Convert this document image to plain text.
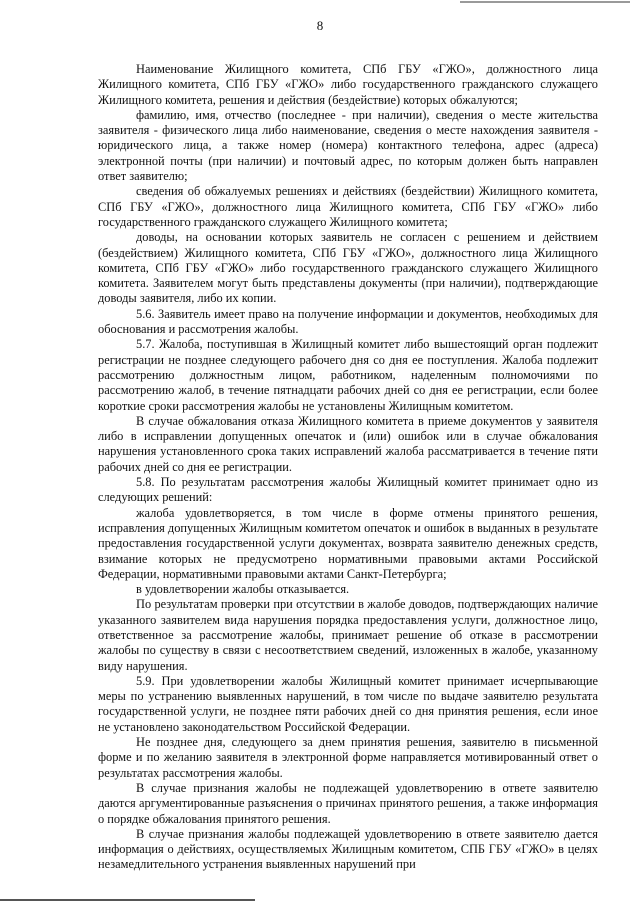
8

Наименование Жилищного комитета, СПб ГБУ «ГЖО», должностного лица Жилищного комитета, СПб ГБУ «ГЖО» либо государственного гражданского служащего Жилищного комитета, решения и действия (бездействие) которых обжалуются;

фамилию, имя, отчество (последнее - при наличии), сведения о месте жительства заявителя - физического лица либо наименование, сведения о месте нахождения заявителя - юридического лица, а также номер (номера) контактного телефона, адрес (адреса) электронной почты (при наличии) и почтовый адрес, по которым должен быть направлен ответ заявителю;

сведения об обжалуемых решениях и действиях (бездействии) Жилищного комитета, СПб ГБУ «ГЖО», должностного лица Жилищного комитета, СПб ГБУ «ГЖО» либо государственного гражданского служащего Жилищного комитета;

доводы, на основании которых заявитель не согласен с решением и действием (бездействием) Жилищного комитета, СПб ГБУ «ГЖО», должностного лица Жилищного комитета, СПб ГБУ «ГЖО» либо государственного гражданского служащего Жилищного комитета. Заявителем могут быть представлены документы (при наличии), подтверждающие доводы заявителя, либо их копии.

5.6. Заявитель имеет право на получение информации и документов, необходимых для обоснования и рассмотрения жалобы.

5.7. Жалоба, поступившая в Жилищный комитет либо вышестоящий орган подлежит регистрации не позднее следующего рабочего дня со дня ее поступления. Жалоба подлежит рассмотрению должностным лицом, работником, наделенным полномочиями по рассмотрению жалоб, в течение пятнадцати рабочих дней со дня ее регистрации, если более короткие сроки рассмотрения жалобы не установлены Жилищным комитетом.

В случае обжалования отказа Жилищного комитета в приеме документов у заявителя либо в исправлении допущенных опечаток и (или) ошибок или в случае обжалования нарушения установленного срока таких исправлений жалоба рассматривается в течение пяти рабочих дней со дня ее регистрации.

5.8. По результатам рассмотрения жалобы Жилищный комитет принимает одно из следующих решений:

жалоба удовлетворяется, в том числе в форме отмены принятого решения, исправления допущенных Жилищным комитетом опечаток и ошибок в выданных в результате предоставления государственной услуги документах, возврата заявителю денежных средств, взимание которых не предусмотрено нормативными правовыми актами Российской Федерации, нормативными правовыми актами Санкт-Петербурга;

в удовлетворении жалобы отказывается.

По результатам проверки при отсутствии в жалобе доводов, подтверждающих наличие указанного заявителем вида нарушения порядка предоставления услуги, должностное лицо, ответственное за рассмотрение жалобы, принимает решение об отказе в рассмотрении жалобы по существу в связи с несоответствием сведений, изложенных в жалобе, указанному виду нарушения.

5.9. При удовлетворении жалобы Жилищный комитет принимает исчерпывающие меры по устранению выявленных нарушений, в том числе по выдаче заявителю результата государственной услуги, не позднее пяти рабочих дней со дня принятия решения, если иное не установлено законодательством Российской Федерации.

Не позднее дня, следующего за днем принятия решения, заявителю в письменной форме и по желанию заявителя в электронной форме направляется мотивированный ответ о результатах рассмотрения жалобы.

В случае признания жалобы не подлежащей удовлетворению в ответе заявителю даются аргументированные разъяснения о причинах принятого решения, а также информация о порядке обжалования принятого решения.

В случае признания жалобы подлежащей удовлетворению в ответе заявителю дается информация о действиях, осуществляемых Жилищным комитетом, СПБ ГБУ «ГЖО» в целях незамедлительного устранения выявленных нарушений при
